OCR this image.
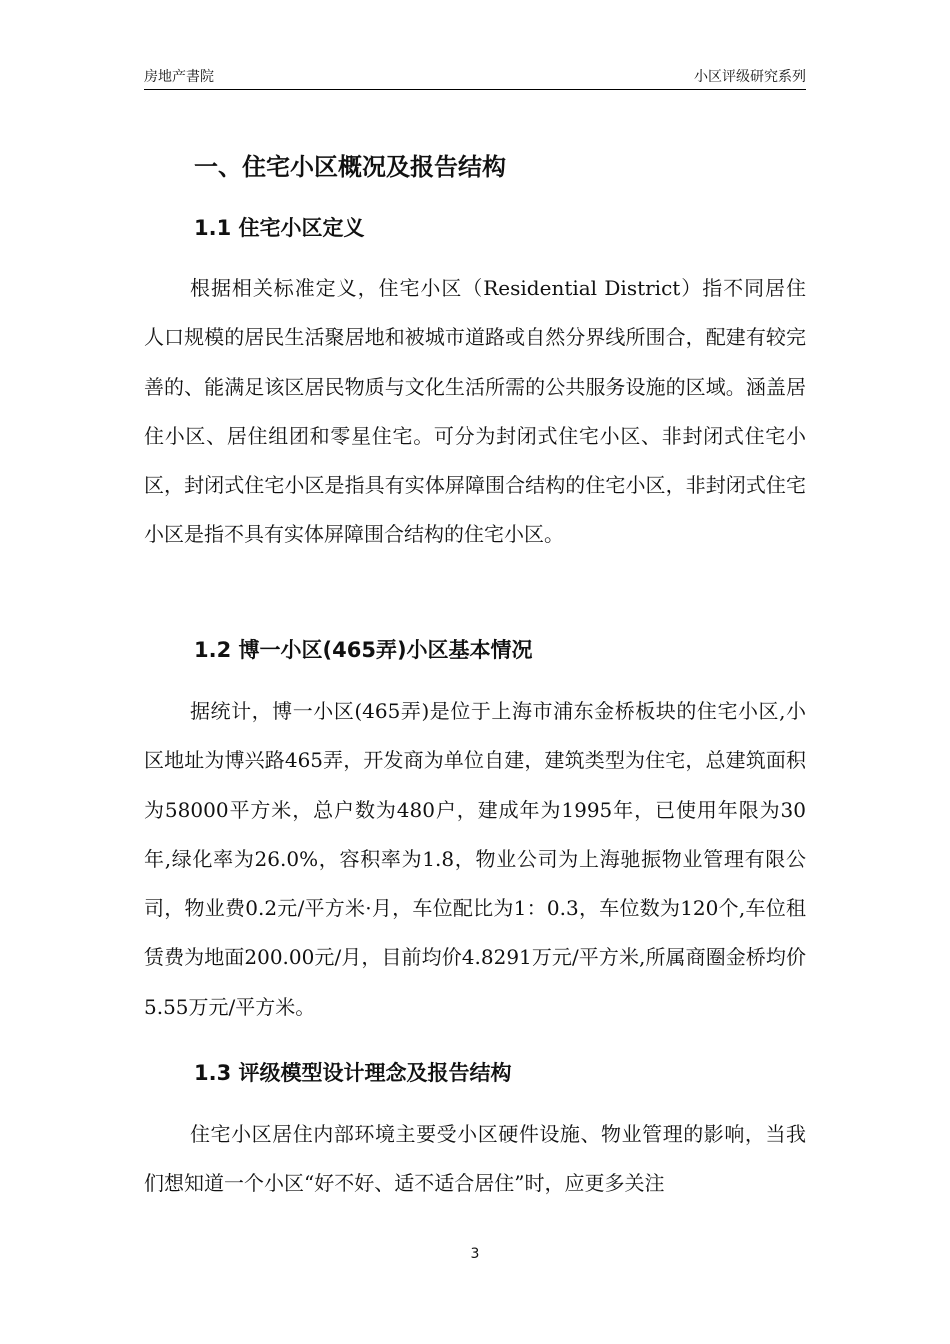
房地产書院	小区评级研究系列
一、住宅小区概况及报告结构
1.1 住宅小区定义
根据相关标准定义，住宅小区（Residential District）指不同居住人口规模的居民生活聚居地和被城市道路或自然分界线所围合，配建有较完善的、能满足该区居民物质与文化生活所需的公共服务设施的区域。涵盖居住小区、居住组团和零星住宅。可分为封闭式住宅小区、非封闭式住宅小区，封闭式住宅小区是指具有实体屏障围合结构的住宅小区，非封闭式住宅小区是指不具有实体屏障围合结构的住宅小区。
1.2 博一小区(465弄)小区基本情况
据统计，博一小区(465弄)是位于上海市浦东金桥板块的住宅小区,小区地址为博兴路465弄，开发商为单位自建，建筑类型为住宅，总建筑面积为58000平方米，总户数为480户，建成年为1995年，已使用年限为30年,绿化率为26.0%，容积率为1.8，物业公司为上海驰振物业管理有限公司，物业费0.2元/平方米·月，车位配比为1：0.3，车位数为120个,车位租赁费为地面200.00元/月，目前均价4.8291万元/平方米,所属商圈金桥均价5.55万元/平方米。
1.3 评级模型设计理念及报告结构
住宅小区居住内部环境主要受小区硬件设施、物业管理的影响，当我们想知道一个小区“好不好、适不适合居住”时，应更多关注
3
